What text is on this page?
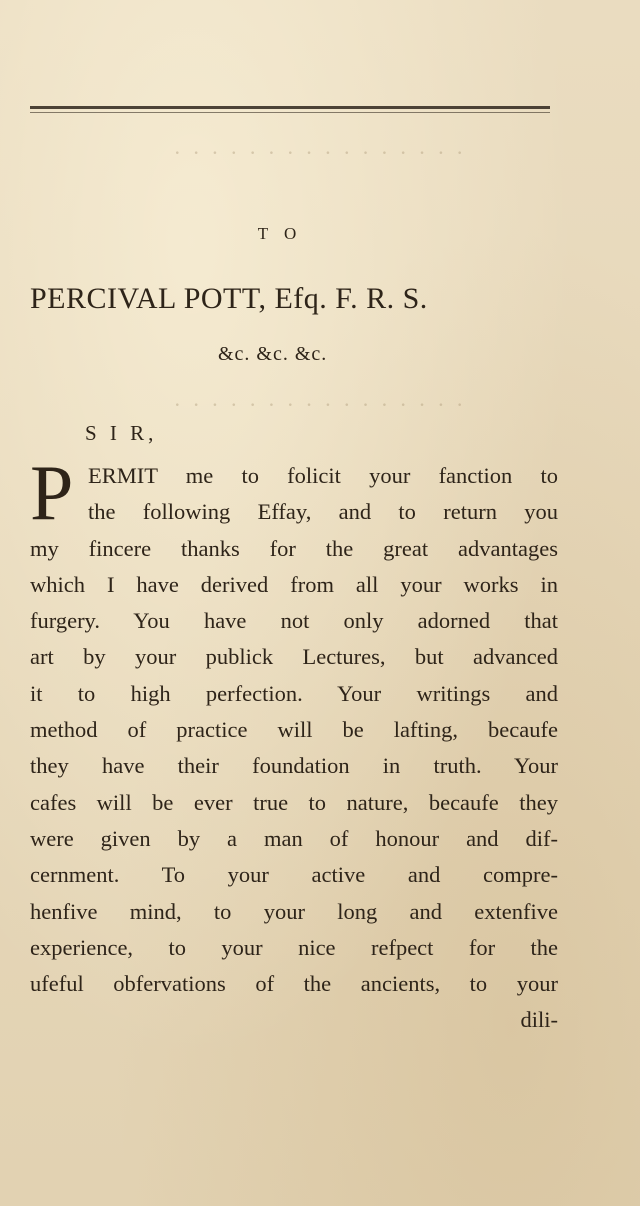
· · · · · · · · · · · · · · · ·
· · · · · · · · · · · · · · · ·
T O
PERCIVAL POTT, Efq. F. R. S.
&c. &c. &c.
S I R,
P ERMIT me to folicit your fanction to
the following Effay, and to return you
my fincere thanks for the great advantages
which I have derived from all your works in
furgery. You have not only adorned that
art by your publick Lectures, but advanced
it to high perfection. Your writings and
method of practice will be lafting, becaufe
they have their foundation in truth. Your
cafes will be ever true to nature, becaufe they
were given by a man of honour and dif-
cernment. To your active and compre-
henfive mind, to your long and extenfive
experience, to your nice refpect for the
ufeful obfervations of the ancients, to your
dili-
